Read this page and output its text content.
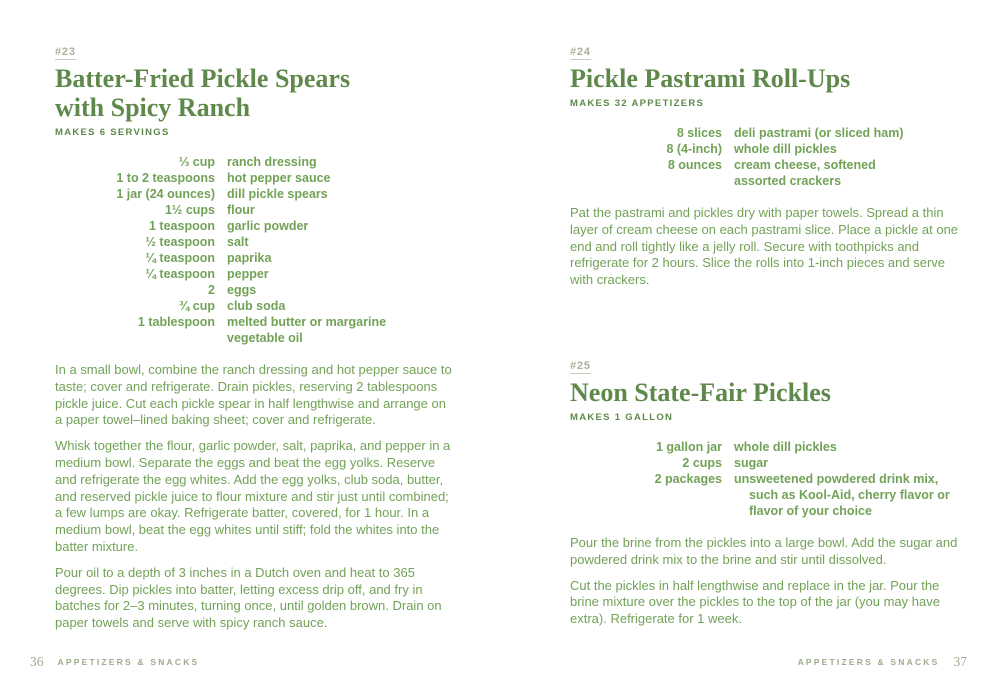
#23
Batter-Fried Pickle Spears
with Spicy Ranch
MAKES 6 SERVINGS
⅓ cup ranch dressing
1 to 2 teaspoons hot pepper sauce
1 jar (24 ounces) dill pickle spears
1½ cups flour
1 teaspoon garlic powder
½ teaspoon salt
¼ teaspoon paprika
¼ teaspoon pepper
2 eggs
¾ cup club soda
1 tablespoon melted butter or margarine
vegetable oil

In a small bowl, combine the ranch dressing and hot pepper sauce to taste; cover and refrigerate. Drain pickles, reserving 2 tablespoons pickle juice. Cut each pickle spear in half lengthwise and arrange on a paper towel–lined baking sheet; cover and refrigerate.

Whisk together the flour, garlic powder, salt, paprika, and pepper in a medium bowl. Separate the eggs and beat the egg yolks. Reserve and refrigerate the egg whites. Add the egg yolks, club soda, butter, and reserved pickle juice to flour mixture and stir just until combined; a few lumps are okay. Refrigerate batter, covered, for 1 hour. In a medium bowl, beat the egg whites until stiff; fold the whites into the batter mixture.

Pour oil to a depth of 3 inches in a Dutch oven and heat to 365 degrees. Dip pickles into batter, letting excess drip off, and fry in batches for 2–3 minutes, turning once, until golden brown. Drain on paper towels and serve with spicy ranch sauce.

#24
Pickle Pastrami Roll-Ups
MAKES 32 APPETIZERS
8 slices deli pastrami (or sliced ham)
8 (4-inch) whole dill pickles
8 ounces cream cheese, softened
assorted crackers

Pat the pastrami and pickles dry with paper towels. Spread a thin layer of cream cheese on each pastrami slice. Place a pickle at one end and roll tightly like a jelly roll. Secure with toothpicks and refrigerate for 2 hours. Slice the rolls into 1-inch pieces and serve with crackers.

#25
Neon State-Fair Pickles
MAKES 1 GALLON
1 gallon jar whole dill pickles
2 cups sugar
2 packages unsweetened powdered drink mix, such as Kool-Aid, cherry flavor or flavor of your choice

Pour the brine from the pickles into a large bowl. Add the sugar and powdered drink mix to the brine and stir until dissolved.

Cut the pickles in half lengthwise and replace in the jar. Pour the brine mixture over the pickles to the top of the jar (you may have extra). Refrigerate for 1 week.

36 APPETIZERS & SNACKS	APPETIZERS & SNACKS 37
